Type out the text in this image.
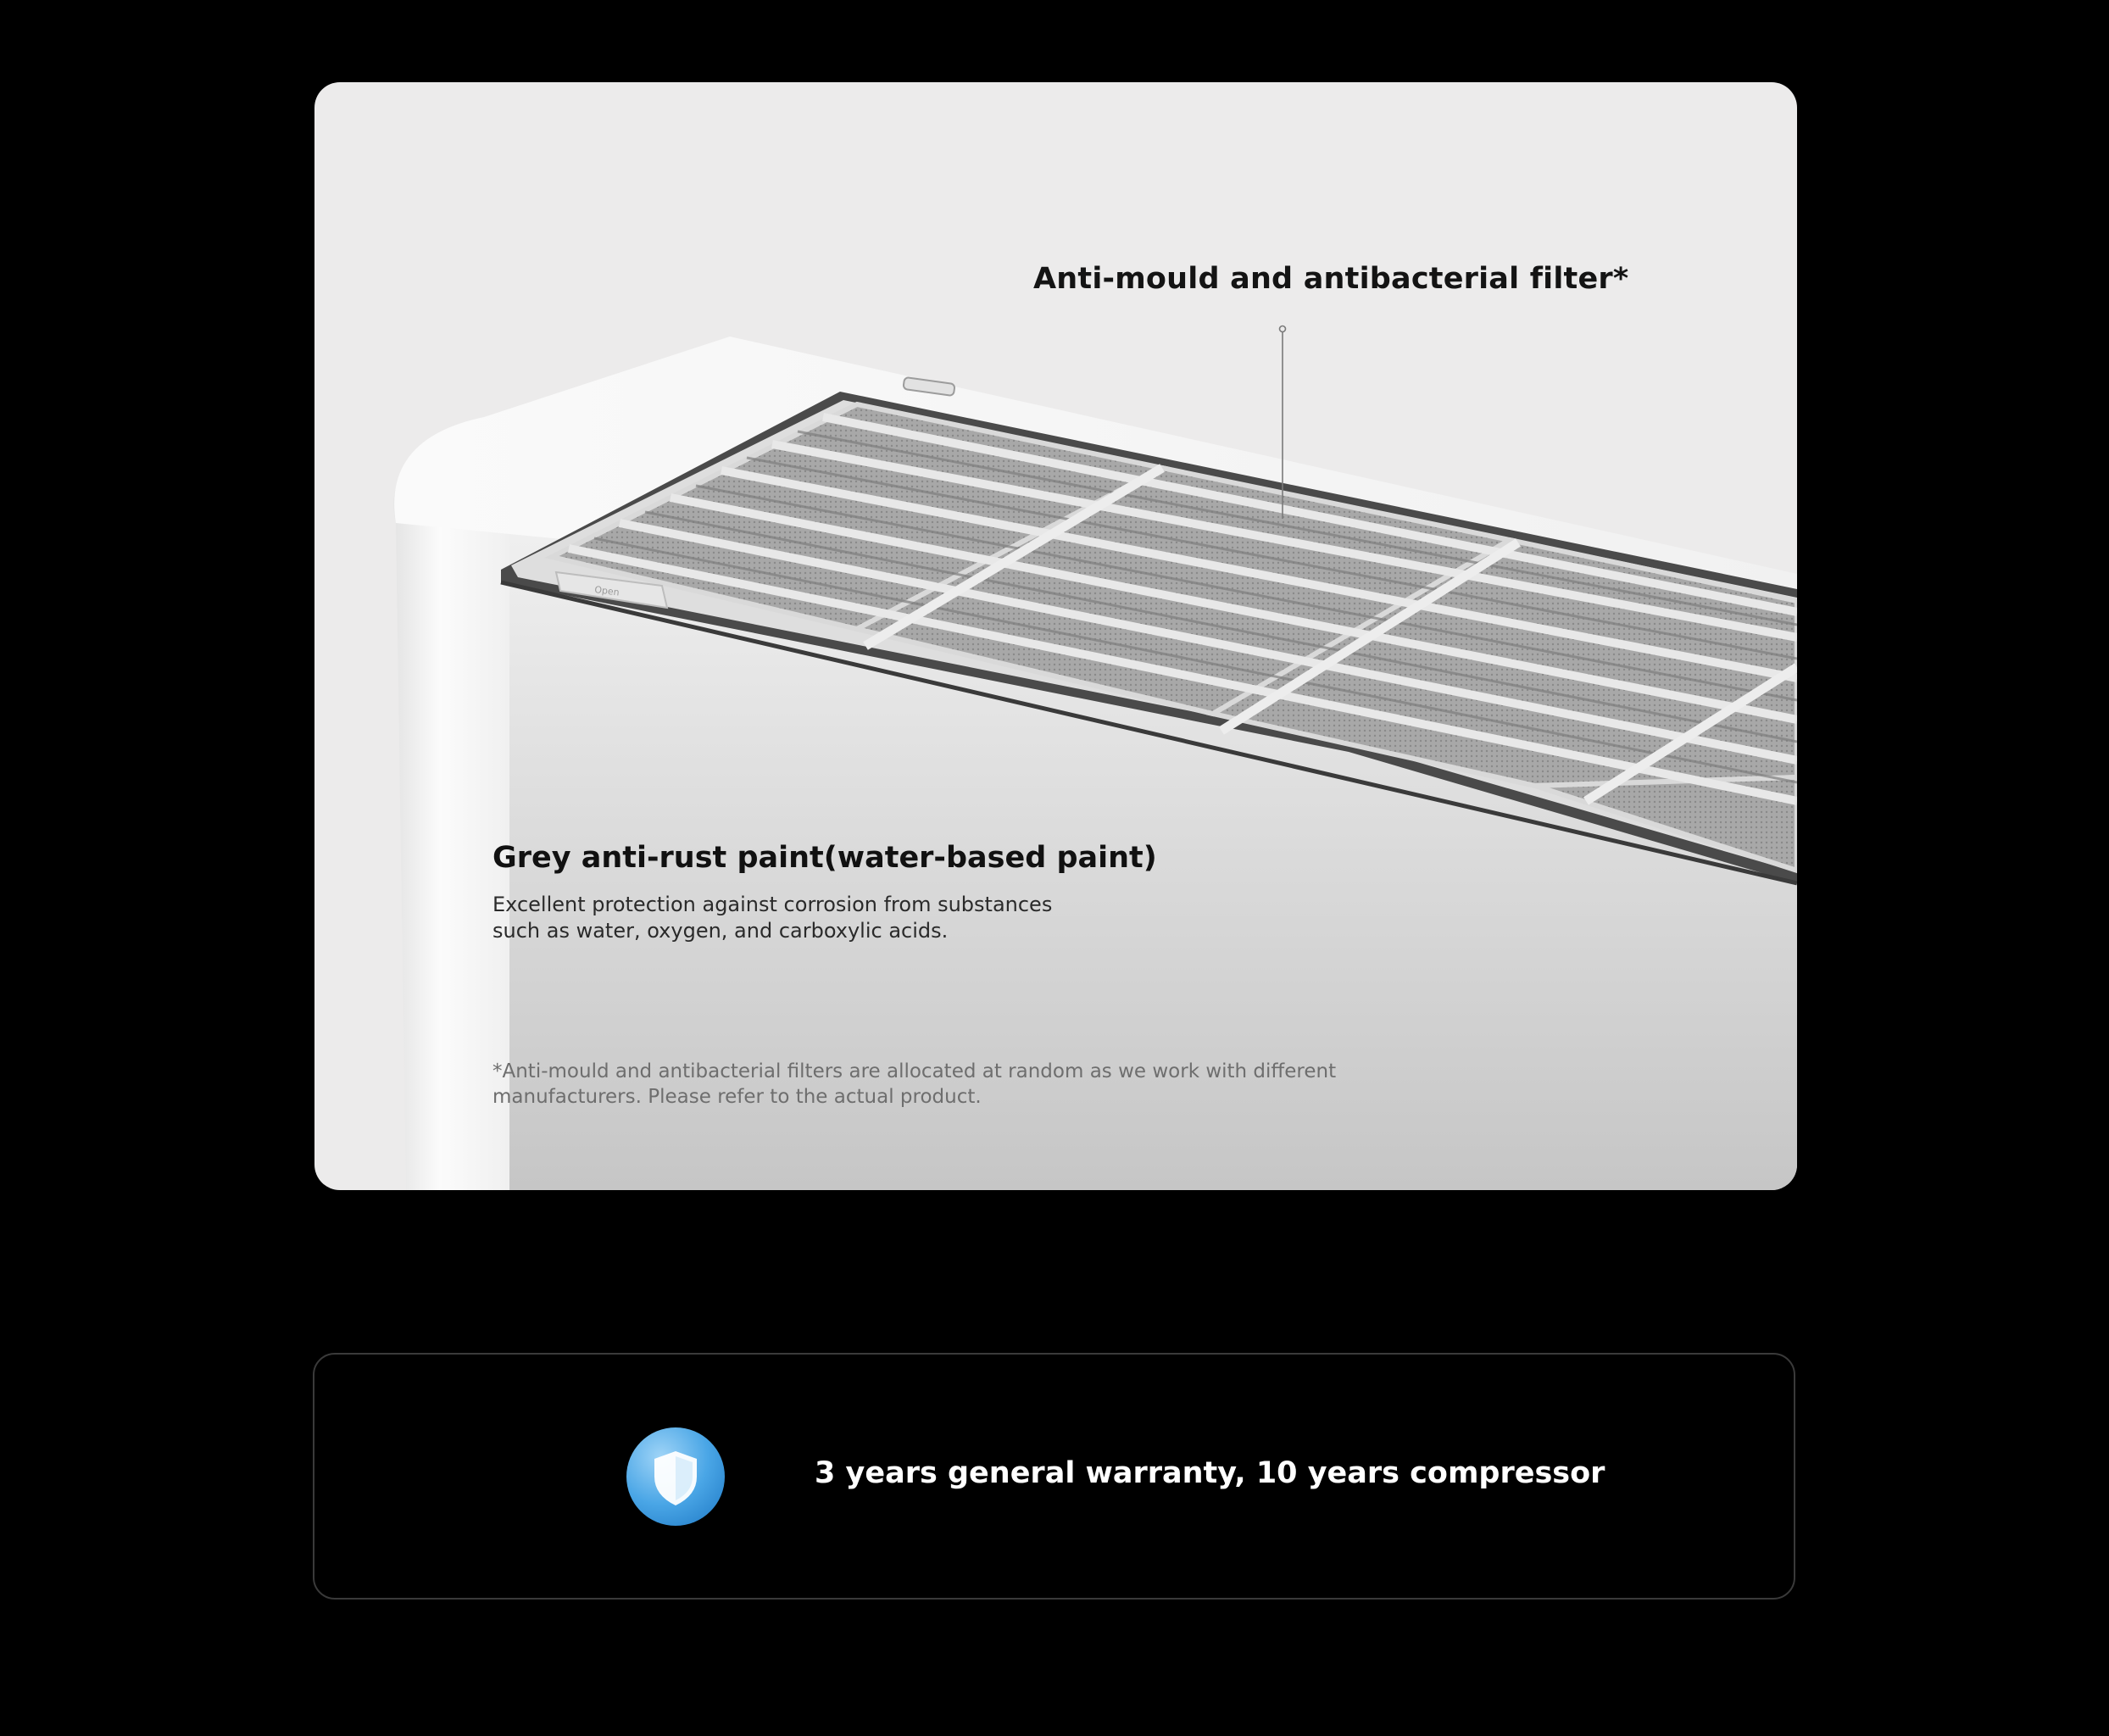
Open
Anti-mould and antibacterial filter*
Grey anti-rust paint(water-based paint)

Excellent protection against corrosion from substances such as water, oxygen, and carboxylic acids.

*Anti-mould and antibacterial filters are allocated at random as we work with different manufacturers. Please refer to the actual product.

3 years general warranty, 10 years compressor
